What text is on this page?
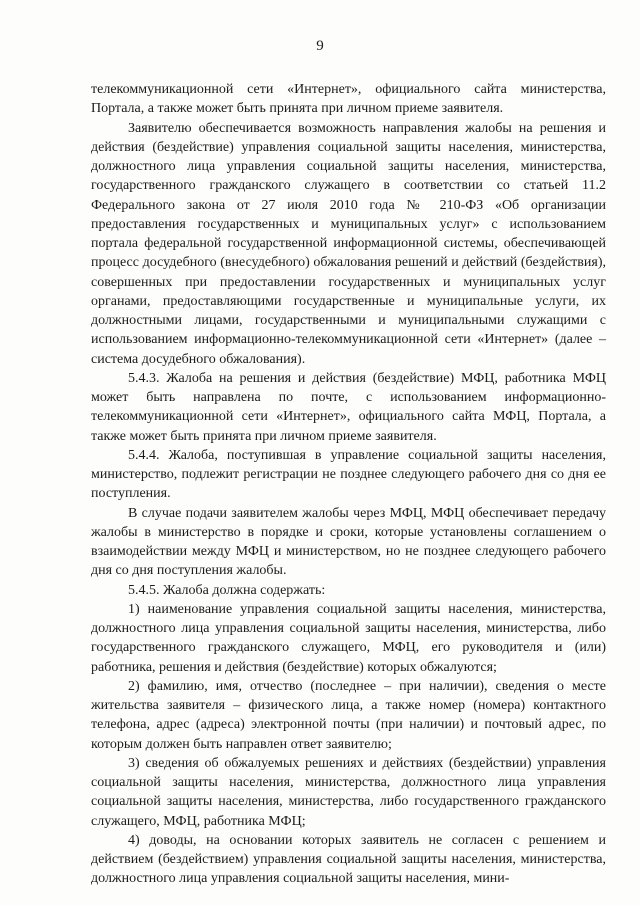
9

телекоммуникационной сети «Интернет», официального сайта министерства, Портала, а также может быть принята при личном приеме заявителя.

Заявителю обеспечивается возможность направления жалобы на решения и действия (бездействие) управления социальной защиты населения, министерства, должностного лица управления социальной защиты населения, министерства, государственного гражданского служащего в соответствии со статьей 11.2 Федерального закона от 27 июля 2010 года № 210-ФЗ «Об организации предоставления государственных и муниципальных услуг» с использованием портала федеральной государственной информационной системы, обеспечивающей процесс досудебного (внесудебного) обжалования решений и действий (бездействия), совершенных при предоставлении государственных и муниципальных услуг органами, предоставляющими государственные и муниципальные услуги, их должностными лицами, государственными и муниципальными служащими с использованием информационно-телекоммуникационной сети «Интернет» (далее – система досудебного обжалования).

5.4.3. Жалоба на решения и действия (бездействие) МФЦ, работника МФЦ может быть направлена по почте, с использованием информационно-телекоммуникационной сети «Интернет», официального сайта МФЦ, Портала, а также может быть принята при личном приеме заявителя.

5.4.4. Жалоба, поступившая в управление социальной защиты населения, министерство, подлежит регистрации не позднее следующего рабочего дня со дня ее поступления.

В случае подачи заявителем жалобы через МФЦ, МФЦ обеспечивает передачу жалобы в министерство в порядке и сроки, которые установлены соглашением о взаимодействии между МФЦ и министерством, но не позднее следующего рабочего дня со дня поступления жалобы.

5.4.5. Жалоба должна содержать:

1) наименование управления социальной защиты населения, министерства, должностного лица управления социальной защиты населения, министерства, либо государственного гражданского служащего, МФЦ, его руководителя и (или) работника, решения и действия (бездействие) которых обжалуются;

2) фамилию, имя, отчество (последнее – при наличии), сведения о месте жительства заявителя – физического лица, а также номер (номера) контактного телефона, адрес (адреса) электронной почты (при наличии) и почтовый адрес, по которым должен быть направлен ответ заявителю;

3) сведения об обжалуемых решениях и действиях (бездействии) управления социальной защиты населения, министерства, должностного лица управления социальной защиты населения, министерства, либо государственного гражданского служащего, МФЦ, работника МФЦ;

4) доводы, на основании которых заявитель не согласен с решением и действием (бездействием) управления социальной защиты населения, министерства, должностного лица управления социальной защиты населения, мини-
